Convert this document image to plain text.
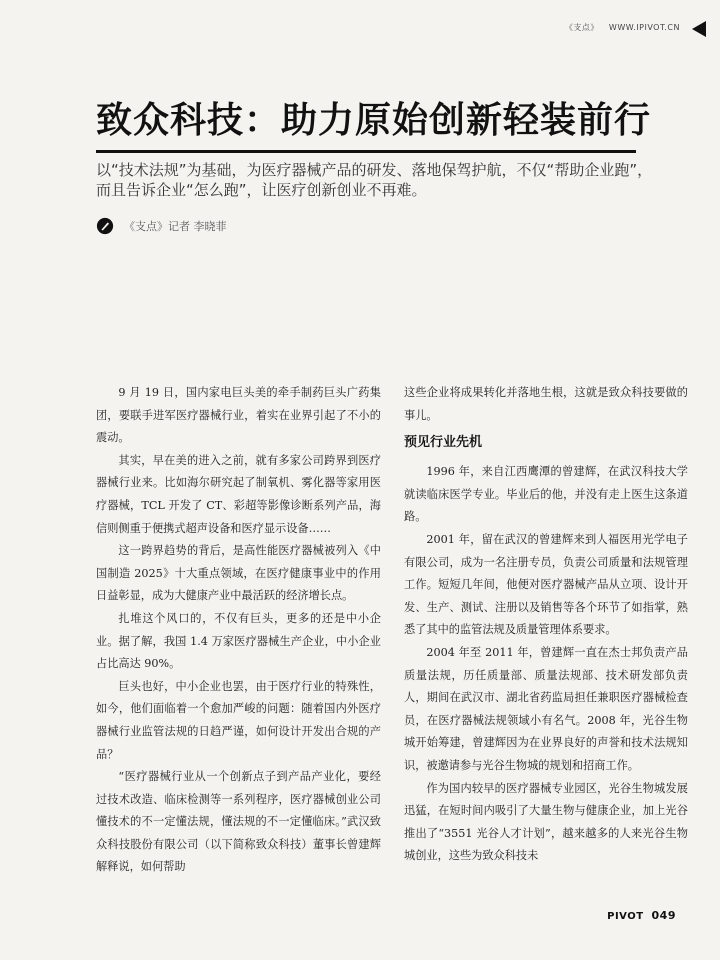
《支点》 WWW.IPIVOT.CN
致众科技：助力原始创新轻装前行
以“技术法规”为基础，为医疗器械产品的研发、落地保驾护航，不仅“帮助企业跑”，而且告诉企业“怎么跑”，让医疗创新创业不再难。
《支点》记者 李晓菲

9 月 19 日，国内家电巨头美的牵手制药巨头广药集团，要联手进军医疗器械行业，着实在业界引起了不小的震动。

其实，早在美的进入之前，就有多家公司跨界到医疗器械行业来。比如海尔研究起了制氧机、雾化器等家用医疗器械，TCL 开发了 CT、彩超等影像诊断系列产品，海信则侧重于便携式超声设备和医疗显示设备……

这一跨界趋势的背后，是高性能医疗器械被列入《中国制造 2025》十大重点领域，在医疗健康事业中的作用日益彰显，成为大健康产业中最活跃的经济增长点。

扎堆这个风口的，不仅有巨头，更多的还是中小企业。据了解，我国 1.4 万家医疗器械生产企业，中小企业占比高达 90%。

巨头也好，中小企业也罢，由于医疗行业的特殊性，如今，他们面临着一个愈加严峻的问题：随着国内外医疗器械行业监管法规的日趋严谨，如何设计开发出合规的产品？

“医疗器械行业从一个创新点子到产品产业化，要经过技术改造、临床检测等一系列程序，医疗器械创业公司懂技术的不一定懂法规，懂法规的不一定懂临床。”武汉致众科技股份有限公司（以下简称致众科技）董事长曾建辉解释说，如何帮助

这些企业将成果转化并落地生根，这就是致众科技要做的事儿。

预见行业先机

1996 年，来自江西鹰潭的曾建辉，在武汉科技大学就读临床医学专业。毕业后的他，并没有走上医生这条道路。

2001 年，留在武汉的曾建辉来到人福医用光学电子有限公司，成为一名注册专员，负责公司质量和法规管理工作。短短几年间，他便对医疗器械产品从立项、设计开发、生产、测试、注册以及销售等各个环节了如指掌，熟悉了其中的监管法规及质量管理体系要求。

2004 年至 2011 年，曾建辉一直在杰士邦负责产品质量法规，历任质量部、质量法规部、技术研发部负责人，期间在武汉市、湖北省药监局担任兼职医疗器械检查员，在医疗器械法规领域小有名气。2008 年，光谷生物城开始筹建，曾建辉因为在业界良好的声誉和技术法规知识，被邀请参与光谷生物城的规划和招商工作。

作为国内较早的医疗器械专业园区，光谷生物城发展迅猛，在短时间内吸引了大量生物与健康企业，加上光谷推出了“3551 光谷人才计划”，越来越多的人来光谷生物城创业，这些为致众科技未

PIVOT 049
